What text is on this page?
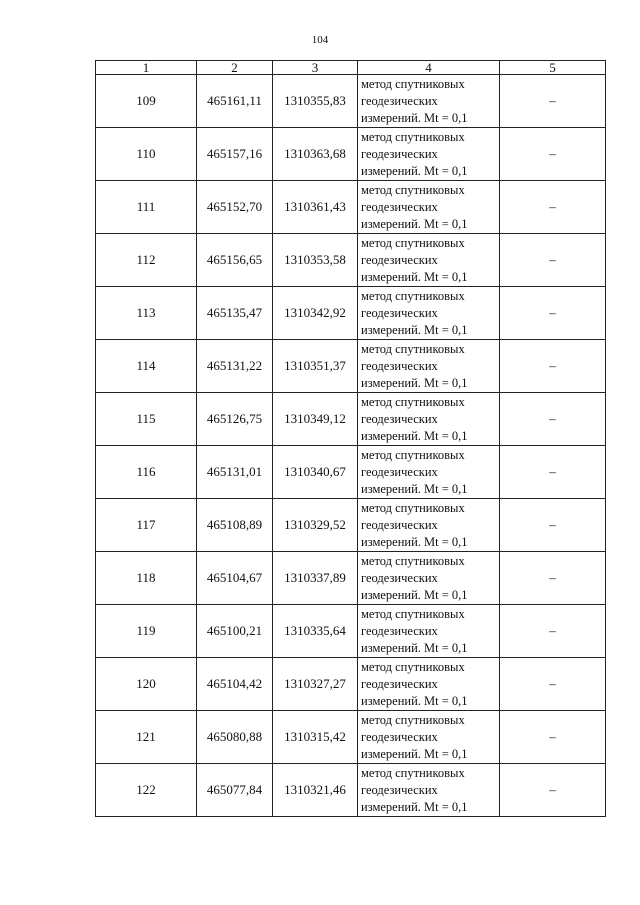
104
1	2	3	4	5
109	465161,11	1310355,83	метод спутниковых
геодезических
измерений. Mt = 0,1	–
110	465157,16	1310363,68	метод спутниковых
геодезических
измерений. Mt = 0,1	–
111	465152,70	1310361,43	метод спутниковых
геодезических
измерений. Mt = 0,1	–
112	465156,65	1310353,58	метод спутниковых
геодезических
измерений. Mt = 0,1	–
113	465135,47	1310342,92	метод спутниковых
геодезических
измерений. Mt = 0,1	–
114	465131,22	1310351,37	метод спутниковых
геодезических
измерений. Mt = 0,1	–
115	465126,75	1310349,12	метод спутниковых
геодезических
измерений. Mt = 0,1	–
116	465131,01	1310340,67	метод спутниковых
геодезических
измерений. Mt = 0,1	–
117	465108,89	1310329,52	метод спутниковых
геодезических
измерений. Mt = 0,1	–
118	465104,67	1310337,89	метод спутниковых
геодезических
измерений. Mt = 0,1	–
119	465100,21	1310335,64	метод спутниковых
геодезических
измерений. Mt = 0,1	–
120	465104,42	1310327,27	метод спутниковых
геодезических
измерений. Mt = 0,1	–
121	465080,88	1310315,42	метод спутниковых
геодезических
измерений. Mt = 0,1	–
122	465077,84	1310321,46	метод спутниковых
геодезических
измерений. Mt = 0,1	–
